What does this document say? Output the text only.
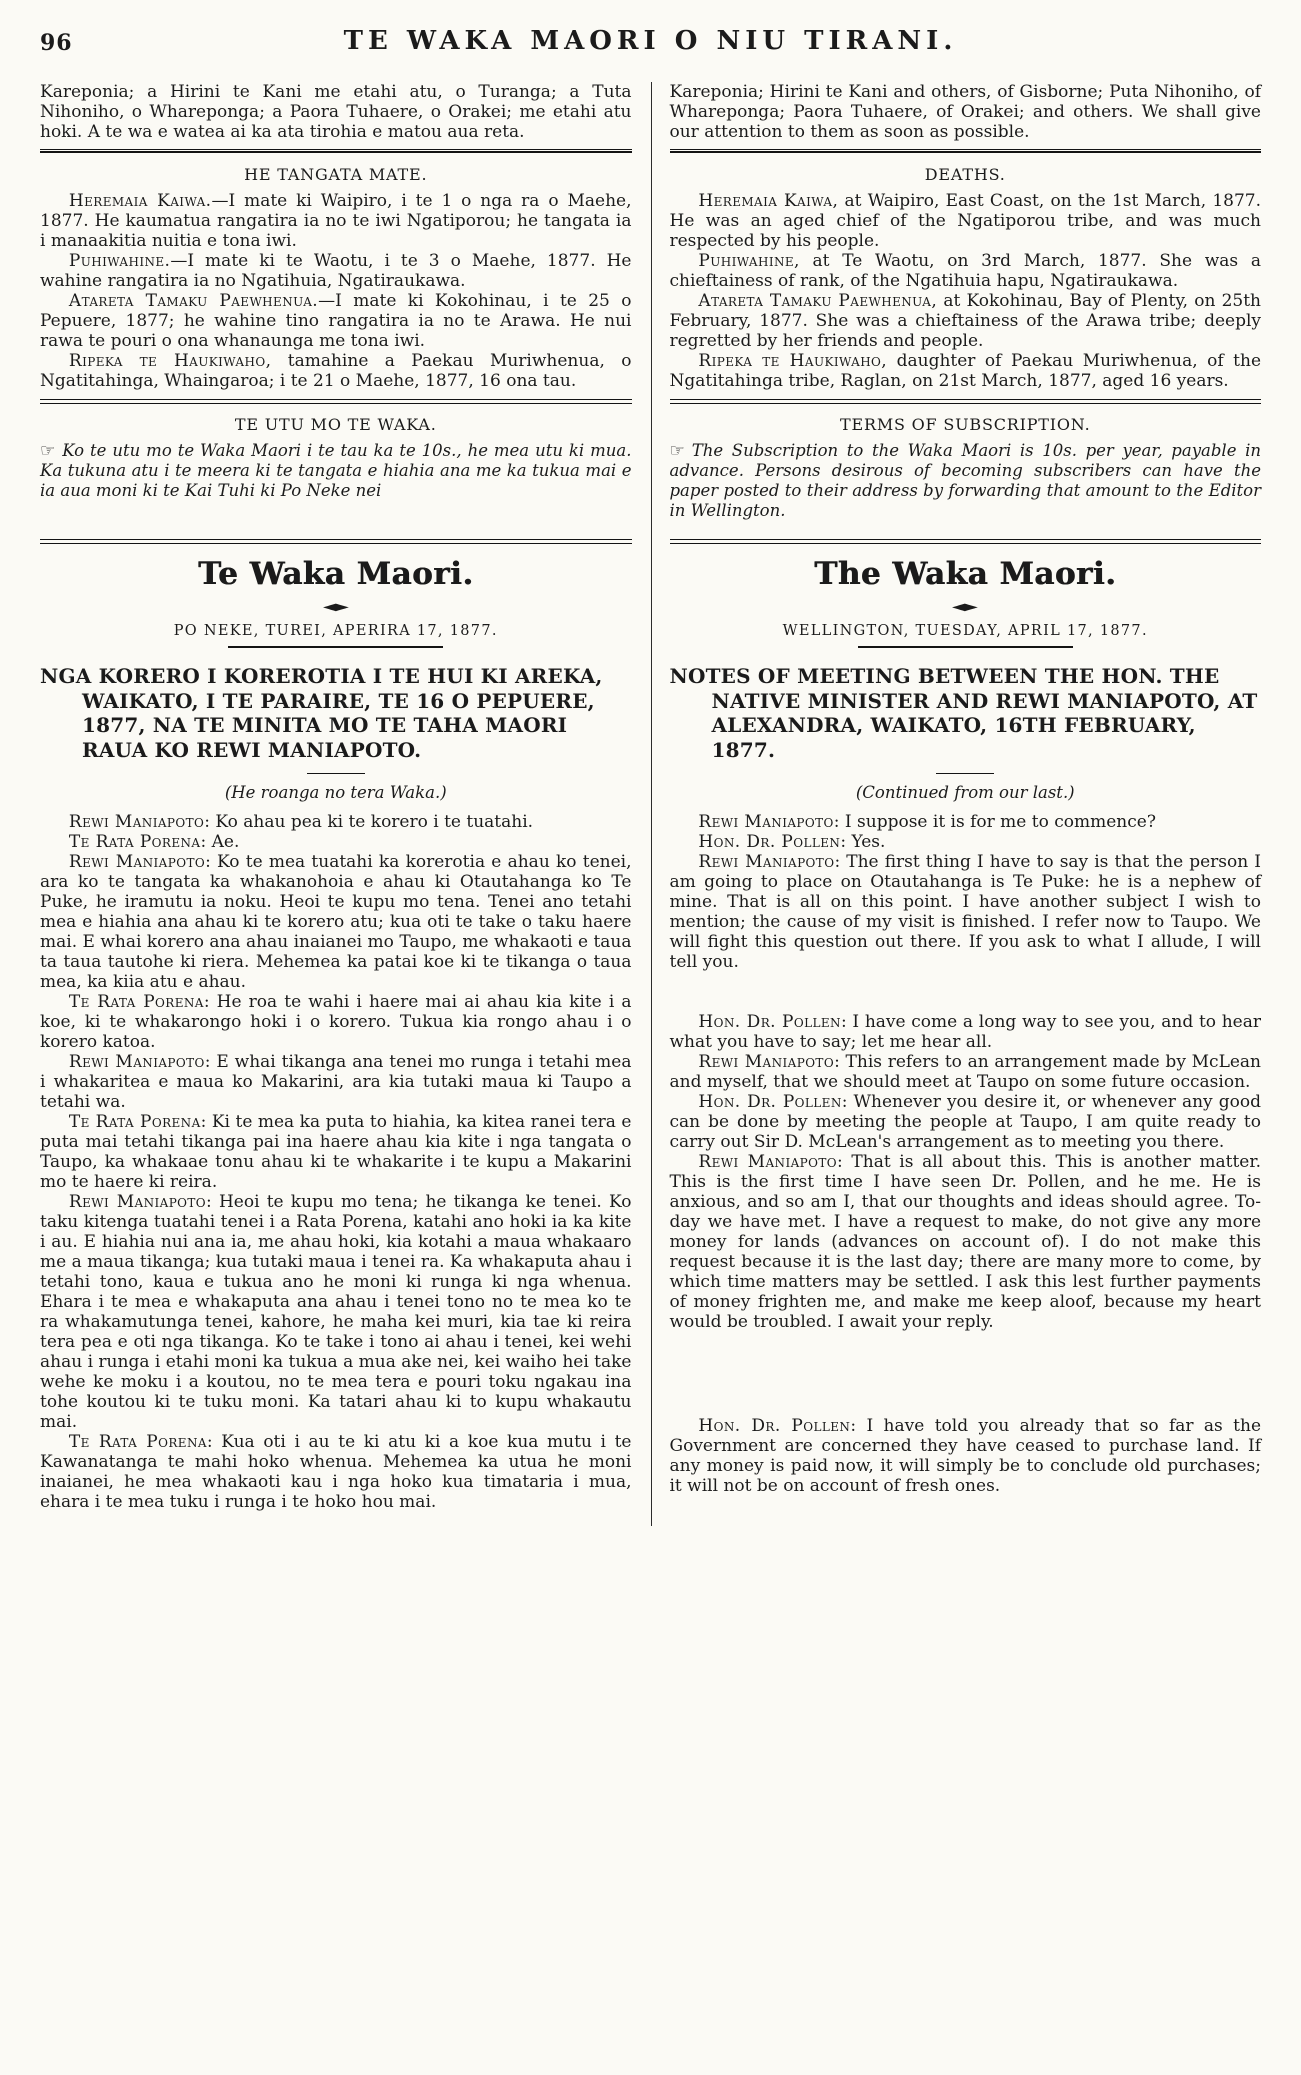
96	TE WAKA MAORI O NIU TIRANI.

Kareponia; a Hirini te Kani me etahi atu, o Turanga; a Tuta Nihoniho, o Whareponga; a Paora Tuhaere, o Orakei; me etahi atu hoki. A te wa e watea ai ka ata tirohia e matou aua reta.

Kareponia; Hirini te Kani and others, of Gisborne; Puta Nihoniho, of Whareponga; Paora Tuhaere, of Orakei; and others. We shall give our attention to them as soon as possible.

HE TANGATA MATE.

Heremaia Kaiwa.—I mate ki Waipiro, i te 1 o nga ra o Maehe, 1877. He kaumatua rangatira ia no te iwi Ngatiporou; he tangata ia i manaakitia nuitia e tona iwi.

Puhiwahine.—I mate ki te Waotu, i te 3 o Maehe, 1877. He wahine rangatira ia no Ngatihuia, Ngatiraukawa.

Atareta Tamaku Paewhenua.—I mate ki Kokohinau, i te 25 o Pepuere, 1877; he wahine tino rangatira ia no te Arawa. He nui rawa te pouri o ona whanaunga me tona iwi.

Ripeka te Haukiwaho, tamahine a Paekau Muriwhenua, o Ngatitahinga, Whaingaroa; i te 21 o Maehe, 1877, 16 ona tau.

DEATHS.

Heremaia Kaiwa, at Waipiro, East Coast, on the 1st March, 1877. He was an aged chief of the Ngatiporou tribe, and was much respected by his people.

Puhiwahine, at Te Waotu, on 3rd March, 1877. She was a chieftainess of rank, of the Ngatihuia hapu, Ngatiraukawa.

Atareta Tamaku Paewhenua, at Kokohinau, Bay of Plenty, on 25th February, 1877. She was a chieftainess of the Arawa tribe; deeply regretted by her friends and people.

Ripeka te Haukiwaho, daughter of Paekau Muriwhenua, of the Ngatitahinga tribe, Raglan, on 21st March, 1877, aged 16 years.

TE UTU MO TE WAKA.

☞ Ko te utu mo te Waka Maori i te tau ka te 10s., he mea utu ki mua. Ka tukuna atu i te meera ki te tangata e hiahia ana me ka tukua mai e ia aua moni ki te Kai Tuhi ki Po Neke nei

TERMS OF SUBSCRIPTION.

☞ The Subscription to the Waka Maori is 10s. per year, payable in advance. Persons desirous of becoming subscribers can have the paper posted to their address by forwarding that amount to the Editor in Wellington.

Te Waka Maori.
◆
PO NEKE, TUREI, APERIRA 17, 1877.
The Waka Maori.
◆
WELLINGTON, TUESDAY, APRIL 17, 1877.
NGA KORERO I KOREROTIA I TE HUI KI AREKA, WAIKATO, I TE PARAIRE, TE 16 O PEPUERE, 1877, NA TE MINITA MO TE TAHA MAORI RAUA KO REWI MANIAPOTO.
NOTES OF MEETING BETWEEN THE HON. THE NATIVE MINISTER AND REWI MANIAPOTO, AT ALEXANDRA, WAIKATO, 16TH FEBRUARY, 1877.

(He roanga no tera Waka.)	(Continued from our last.)

Rewi Maniapoto: Ko ahau pea ki te korero i te tuatahi.

Te Rata Porena: Ae.

Rewi Maniapoto: Ko te mea tuatahi ka korerotia e ahau ko tenei, ara ko te tangata ka whakanohoia e ahau ki Otautahanga ko Te Puke, he iramutu ia noku. Heoi te kupu mo tena. Tenei ano tetahi mea e hiahia ana ahau ki te korero atu; kua oti te take o taku haere mai. E whai korero ana ahau inaianei mo Taupo, me whakaoti e taua ta taua tautohe ki riera. Mehemea ka patai koe ki te tikanga o taua mea, ka kiia atu e ahau.

Te Rata Porena: He roa te wahi i haere mai ai ahau kia kite i a koe, ki te whakarongo hoki i o korero. Tukua kia rongo ahau i o korero katoa.

Rewi Maniapoto: E whai tikanga ana tenei mo runga i tetahi mea i whakaritea e maua ko Makarini, ara kia tutaki maua ki Taupo a tetahi wa.

Te Rata Porena: Ki te mea ka puta to hiahia, ka kitea ranei tera e puta mai tetahi tikanga pai ina haere ahau kia kite i nga tangata o Taupo, ka whakaae tonu ahau ki te whakarite i te kupu a Makarini mo te haere ki reira.

Rewi Maniapoto: Heoi te kupu mo tena; he tikanga ke tenei. Ko taku kitenga tuatahi tenei i a Rata Porena, katahi ano hoki ia ka kite i au. E hiahia nui ana ia, me ahau hoki, kia kotahi a maua whakaaro me a maua tikanga; kua tutaki maua i tenei ra. Ka whakaputa ahau i tetahi tono, kaua e tukua ano he moni ki runga ki nga whenua. Ehara i te mea e whakaputa ana ahau i tenei tono no te mea ko te ra whakamutunga tenei, kahore, he maha kei muri, kia tae ki reira tera pea e oti nga tikanga. Ko te take i tono ai ahau i tenei, kei wehi ahau i runga i etahi moni ka tukua a mua ake nei, kei waiho hei take wehe ke moku i a koutou, no te mea tera e pouri toku ngakau ina tohe koutou ki te tuku moni. Ka tatari ahau ki to kupu whakautu mai.

Te Rata Porena: Kua oti i au te ki atu ki a koe kua mutu i te Kawanatanga te mahi hoko whenua. Mehemea ka utua he moni inaianei, he mea whakaoti kau i nga hoko kua timataria i mua, ehara i te mea tuku i runga i te hoko hou mai.

Rewi Maniapoto: I suppose it is for me to commence?

Hon. Dr. Pollen: Yes.

Rewi Maniapoto: The first thing I have to say is that the person I am going to place on Otautahanga is Te Puke: he is a nephew of mine. That is all on this point. I have another subject I wish to mention; the cause of my visit is finished. I refer now to Taupo. We will fight this question out there. If you ask to what I allude, I will tell you.

Hon. Dr. Pollen: I have come a long way to see you, and to hear what you have to say; let me hear all.

Rewi Maniapoto: This refers to an arrangement made by McLean and myself, that we should meet at Taupo on some future occasion.

Hon. Dr. Pollen: Whenever you desire it, or whenever any good can be done by meeting the people at Taupo, I am quite ready to carry out Sir D. McLean's arrangement as to meeting you there.

Rewi Maniapoto: That is all about this. This is another matter. This is the first time I have seen Dr. Pollen, and he me. He is anxious, and so am I, that our thoughts and ideas should agree. To-day we have met. I have a request to make, do not give any more money for lands (advances on account of). I do not make this request because it is the last day; there are many more to come, by which time matters may be settled. I ask this lest further payments of money frighten me, and make me keep aloof, because my heart would be troubled. I await your reply.

Hon. Dr. Pollen: I have told you already that so far as the Government are concerned they have ceased to purchase land. If any money is paid now, it will simply be to conclude old purchases; it will not be on account of fresh ones.
